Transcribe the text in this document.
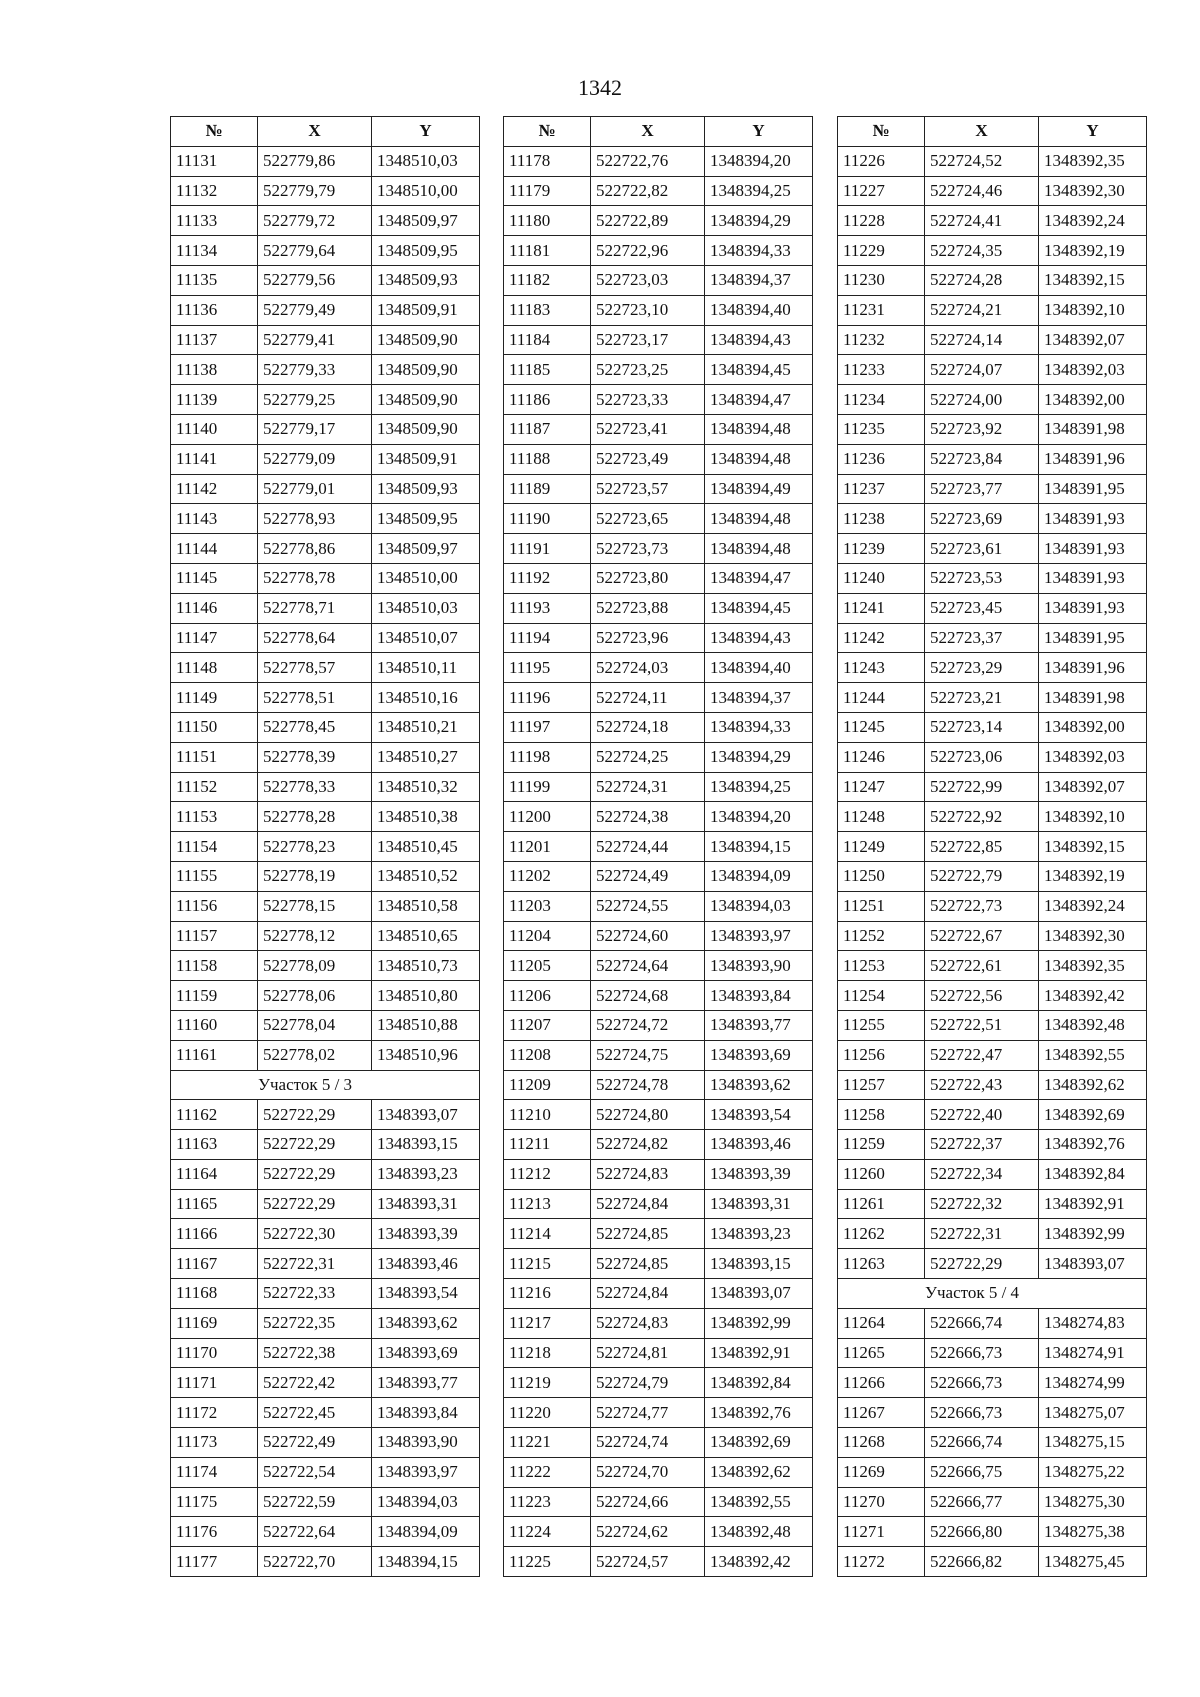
1342
№	X	Y
11131	522779,86	1348510,03
11132	522779,79	1348510,00
11133	522779,72	1348509,97
11134	522779,64	1348509,95
11135	522779,56	1348509,93
11136	522779,49	1348509,91
11137	522779,41	1348509,90
11138	522779,33	1348509,90
11139	522779,25	1348509,90
11140	522779,17	1348509,90
11141	522779,09	1348509,91
11142	522779,01	1348509,93
11143	522778,93	1348509,95
11144	522778,86	1348509,97
11145	522778,78	1348510,00
11146	522778,71	1348510,03
11147	522778,64	1348510,07
11148	522778,57	1348510,11
11149	522778,51	1348510,16
11150	522778,45	1348510,21
11151	522778,39	1348510,27
11152	522778,33	1348510,32
11153	522778,28	1348510,38
11154	522778,23	1348510,45
11155	522778,19	1348510,52
11156	522778,15	1348510,58
11157	522778,12	1348510,65
11158	522778,09	1348510,73
11159	522778,06	1348510,80
11160	522778,04	1348510,88
11161	522778,02	1348510,96
Участок 5 / 3		
11162	522722,29	1348393,07
11163	522722,29	1348393,15
11164	522722,29	1348393,23
11165	522722,29	1348393,31
11166	522722,30	1348393,39
11167	522722,31	1348393,46
11168	522722,33	1348393,54
11169	522722,35	1348393,62
11170	522722,38	1348393,69
11171	522722,42	1348393,77
11172	522722,45	1348393,84
11173	522722,49	1348393,90
11174	522722,54	1348393,97
11175	522722,59	1348394,03
11176	522722,64	1348394,09
11177	522722,70	1348394,15
№	X	Y
11178	522722,76	1348394,20
11179	522722,82	1348394,25
11180	522722,89	1348394,29
11181	522722,96	1348394,33
11182	522723,03	1348394,37
11183	522723,10	1348394,40
11184	522723,17	1348394,43
11185	522723,25	1348394,45
11186	522723,33	1348394,47
11187	522723,41	1348394,48
11188	522723,49	1348394,48
11189	522723,57	1348394,49
11190	522723,65	1348394,48
11191	522723,73	1348394,48
11192	522723,80	1348394,47
11193	522723,88	1348394,45
11194	522723,96	1348394,43
11195	522724,03	1348394,40
11196	522724,11	1348394,37
11197	522724,18	1348394,33
11198	522724,25	1348394,29
11199	522724,31	1348394,25
11200	522724,38	1348394,20
11201	522724,44	1348394,15
11202	522724,49	1348394,09
11203	522724,55	1348394,03
11204	522724,60	1348393,97
11205	522724,64	1348393,90
11206	522724,68	1348393,84
11207	522724,72	1348393,77
11208	522724,75	1348393,69
11209	522724,78	1348393,62
11210	522724,80	1348393,54
11211	522724,82	1348393,46
11212	522724,83	1348393,39
11213	522724,84	1348393,31
11214	522724,85	1348393,23
11215	522724,85	1348393,15
11216	522724,84	1348393,07
11217	522724,83	1348392,99
11218	522724,81	1348392,91
11219	522724,79	1348392,84
11220	522724,77	1348392,76
11221	522724,74	1348392,69
11222	522724,70	1348392,62
11223	522724,66	1348392,55
11224	522724,62	1348392,48
11225	522724,57	1348392,42
№	X	Y
11226	522724,52	1348392,35
11227	522724,46	1348392,30
11228	522724,41	1348392,24
11229	522724,35	1348392,19
11230	522724,28	1348392,15
11231	522724,21	1348392,10
11232	522724,14	1348392,07
11233	522724,07	1348392,03
11234	522724,00	1348392,00
11235	522723,92	1348391,98
11236	522723,84	1348391,96
11237	522723,77	1348391,95
11238	522723,69	1348391,93
11239	522723,61	1348391,93
11240	522723,53	1348391,93
11241	522723,45	1348391,93
11242	522723,37	1348391,95
11243	522723,29	1348391,96
11244	522723,21	1348391,98
11245	522723,14	1348392,00
11246	522723,06	1348392,03
11247	522722,99	1348392,07
11248	522722,92	1348392,10
11249	522722,85	1348392,15
11250	522722,79	1348392,19
11251	522722,73	1348392,24
11252	522722,67	1348392,30
11253	522722,61	1348392,35
11254	522722,56	1348392,42
11255	522722,51	1348392,48
11256	522722,47	1348392,55
11257	522722,43	1348392,62
11258	522722,40	1348392,69
11259	522722,37	1348392,76
11260	522722,34	1348392,84
11261	522722,32	1348392,91
11262	522722,31	1348392,99
11263	522722,29	1348393,07
Участок 5 / 4		
11264	522666,74	1348274,83
11265	522666,73	1348274,91
11266	522666,73	1348274,99
11267	522666,73	1348275,07
11268	522666,74	1348275,15
11269	522666,75	1348275,22
11270	522666,77	1348275,30
11271	522666,80	1348275,38
11272	522666,82	1348275,45
